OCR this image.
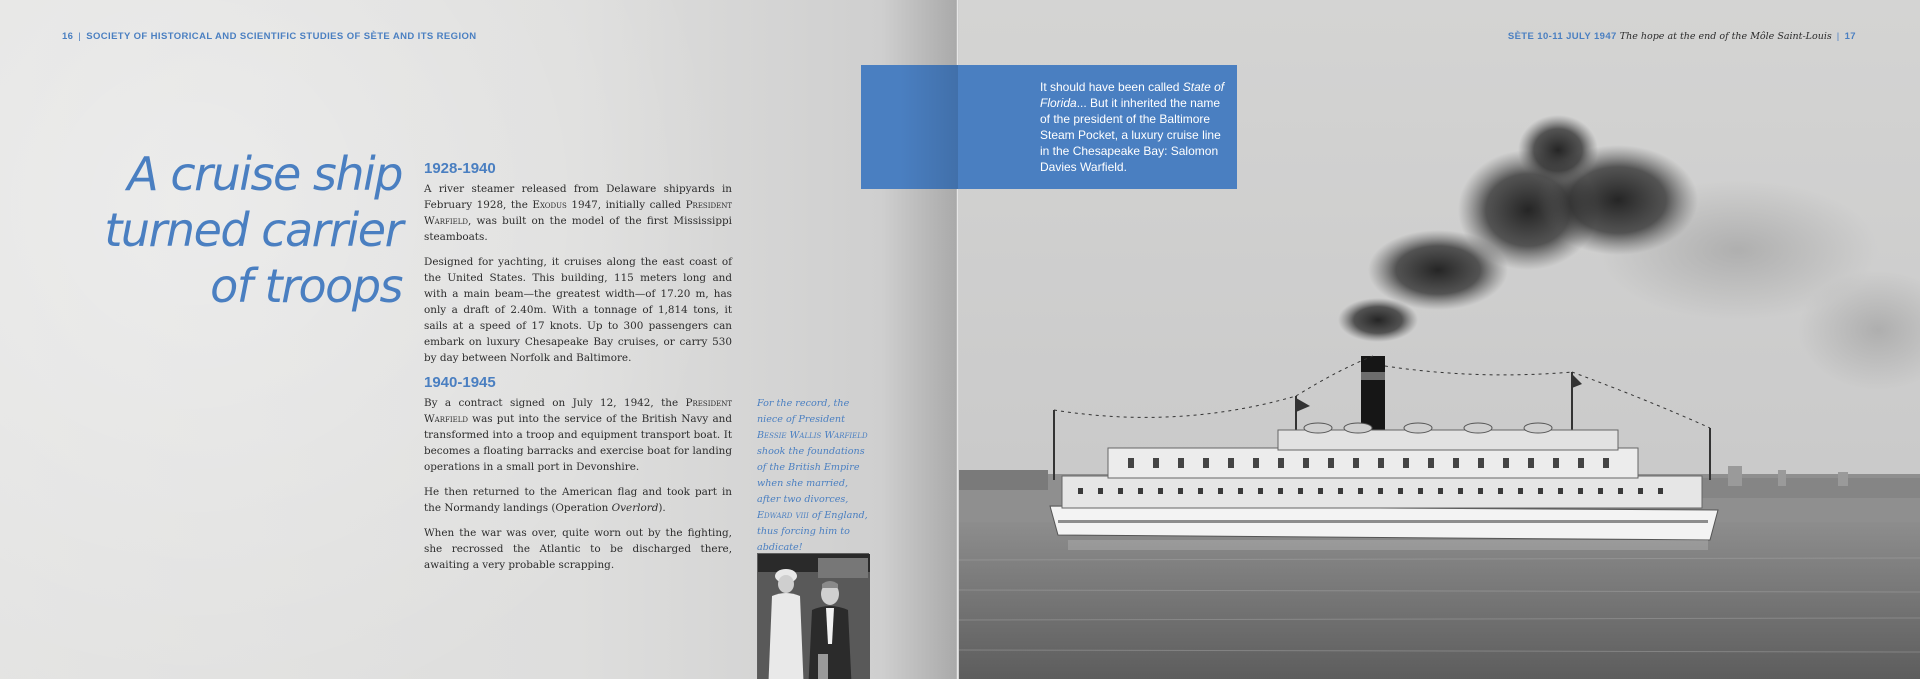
16 | SOCIETY OF HISTORICAL AND SCIENTIFIC STUDIES OF SÈTE AND ITS REGION
A cruise ship
turned carrier
of troops
1928-1940

A river steamer released from Delaware shipyards in February 1928, the Exodus 1947, initially called President Warfield, was built on the model of the first Mississippi steamboats.

Designed for yachting, it cruises along the east coast of the United States. This building, 115 meters long and with a main beam—the greatest width—of 17.20 m, has only a draft of 2.40m. With a tonnage of 1,814 tons, it sails at a speed of 17 knots. Up to 300 passengers can embark on luxury Chesapeake Bay cruises, or carry 530 by day between Norfolk and Baltimore.

1940-1945

By a contract signed on July 12, 1942, the President Warfield was put into the service of the British Navy and transformed into a troop and equipment transport boat. It becomes a floating barracks and exercise boat for landing operations in a small port in Devonshire.

He then returned to the American flag and took part in the Normandy landings (Operation Overlord).

When the war was over, quite worn out by the fighting, she recrossed the Atlantic to be discharged there, awaiting a very probable scrapping.

For the record, the niece of President Bessie Wallis Warfield shook the foundations of the British Empire when she married, after two divorces, Edward viii of England, thus forcing him to abdicate!
SÈTE 10-11 JULY 1947 The hope at the end of the Môle Saint-Louis | 17
It should have been called State of Florida... But it inherited the name of the president of the Baltimore Steam Pocket, a luxury cruise line in the Chesapeake Bay: Salomon Davies Warfield.
